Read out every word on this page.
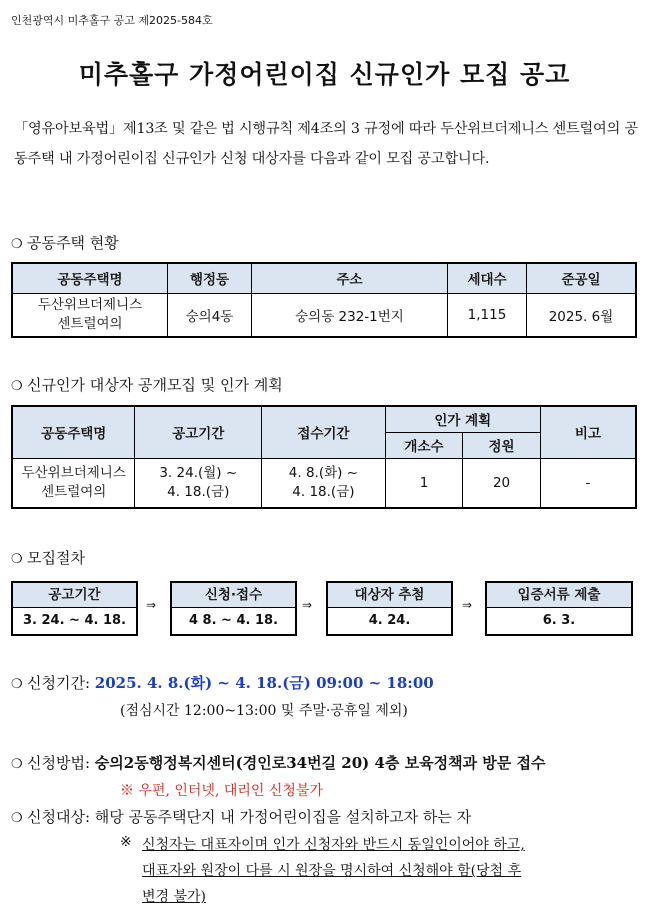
인천광역시 미추홀구 공고 제2025-584호
미추홀구 가정어린이집 신규인가 모집 공고
「영유아보육법」제13조 및 같은 법 시행규칙 제4조의 3 규정에 따라 두산위브더제니스 센트럴여의 공동주택 내 가정어린이집 신규인가 신청 대상자를 다음과 같이 모집 공고합니다.
❍ 공동주택 현황
공동주택명	행정동	주소	세대수	준공일
두산위브더제니스
센트럴여의	숭의4동	숭의동 232-1번지	1,115	2025. 6월
❍ 신규인가 대상자 공개모집 및 인가 계획
공동주택명	공고기간	접수기간	인가 계획		비고
			개소수	정원	
두산위브더제니스
센트럴여의	3. 24.(월) ~
4. 18.(금)	4. 8.(화) ~
4. 18.(금)	1	20	-
❍ 모집절차
공고기간
3. 24. ~ 4. 18.
⇒
신청·접수
4 8. ~ 4. 18.
⇒
대상자 추첨
4. 24.
⇒
입증서류 제출
6. 3.
❍ 신청기간: 2025. 4. 8.(화) ~ 4. 18.(금) 09:00 ~ 18:00
(점심시간 12:00~13:00 및 주말·공휴일 제외)
❍ 신청방법: 숭의2동행정복지센터(경인로34번길 20) 4층 보육정책과 방문 접수
※ 우편, 인터넷, 대리인 신청불가
❍ 신청대상: 해당 공동주택단지 내 가정어린이집을 설치하고자 하는 자
※ 신청자는 대표자이며 인가 신청자와 반드시 동일인이어야 하고,
대표자와 원장이 다를 시 원장을 명시하여 신청해야 함(당첨 후
변경 불가)
